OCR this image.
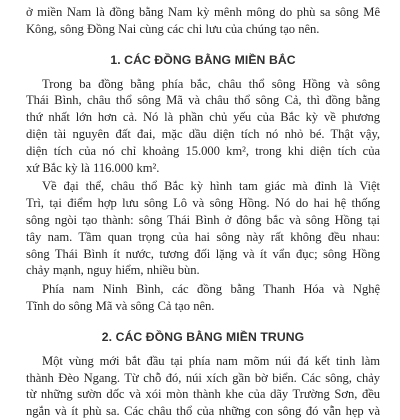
ở miền Nam là đồng bằng Nam kỳ mênh mông do phù sa sông Mê
Kông, sông Đồng Nai cùng các chi lưu của chúng tạo nên.

1. CÁC ĐỒNG BẰNG MIỀN BẮC

Trong ba đồng bằng phía bắc, châu thổ sông Hồng và sông
Thái Bình, châu thổ sông Mã và châu thổ sông Cả, thì đồng bằng
thứ nhất lớn hơn cả. Nó là phần chủ yếu của Bắc kỳ về phương
diện tài nguyên đất đai, mặc dầu diện tích nó nhỏ bé. Thật vậy,
diện tích của nó chỉ khoảng 15.000 km², trong khi diện tích của
xứ Bắc kỳ là 116.000 km².

Về đại thể, châu thổ Bắc kỳ hình tam giác mà đỉnh là Việt
Trì, tại điểm hợp lưu sông Lô và sông Hồng. Nó do hai hệ thống
sông ngòi tạo thành: sông Thái Bình ở đông bắc và sông Hồng tại
tây nam. Tầm quan trọng của hai sông này rất không đều nhau:
sông Thái Bình ít nước, tương đối lặng và ít vẩn đục; sông Hồng
chảy mạnh, nguy hiểm, nhiều bùn.

Phía nam Ninh Bình, các đồng bằng Thanh Hóa và Nghệ
Tĩnh do sông Mã và sông Cả tạo nên.

2. CÁC ĐỒNG BẰNG MIỀN TRUNG

Một vùng mới bắt đầu tại phía nam mõm núi đá kết tinh làm
thành Đèo Ngang. Từ chỗ đó, núi xích gần bờ biển. Các sông, chảy
từ những sườn dốc và xói mòn thành khe của dãy Trường Sơn, đều
ngắn và ít phù sa. Các châu thổ của những con sông đó vẫn hẹp và
